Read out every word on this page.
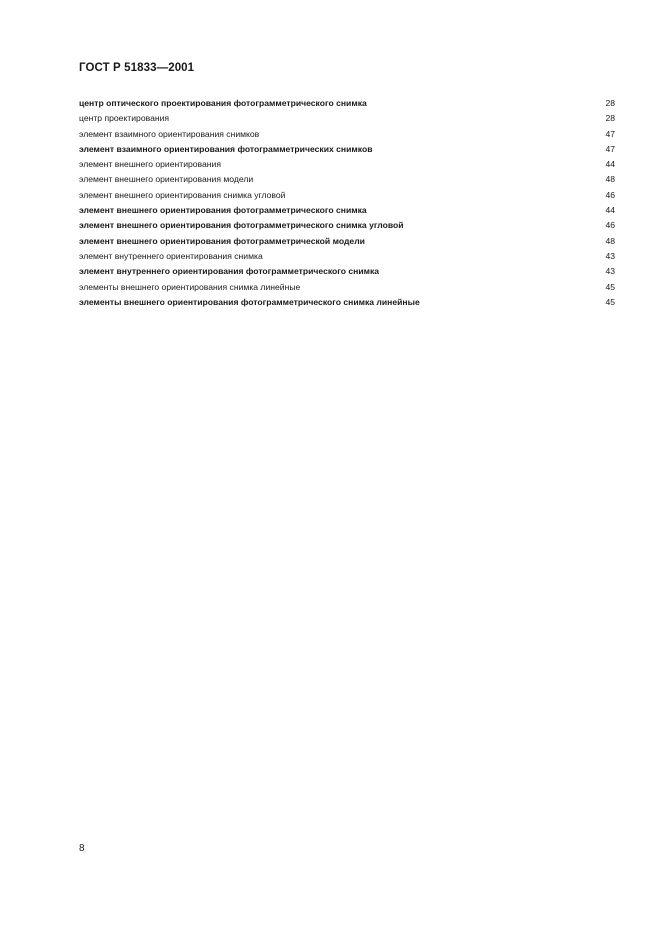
ГОСТ Р 51833—2001
центр оптического проектирования фотограмметрического снимка	28
центр проектирования	28
элемент взаимного ориентирования снимков	47
элемент взаимного ориентирования фотограмметрических снимков	47
элемент внешнего ориентирования	44
элемент внешнего ориентирования модели	48
элемент внешнего ориентирования снимка угловой	46
элемент внешнего ориентирования фотограмметрического снимка	44
элемент внешнего ориентирования фотограмметрического снимка угловой	46
элемент внешнего ориентирования фотограмметрической модели	48
элемент внутреннего ориентирования снимка	43
элемент внутреннего ориентирования фотограмметрического снимка	43
элементы внешнего ориентирования снимка линейные	45
элементы внешнего ориентирования фотограмметрического снимка линейные	45
8
